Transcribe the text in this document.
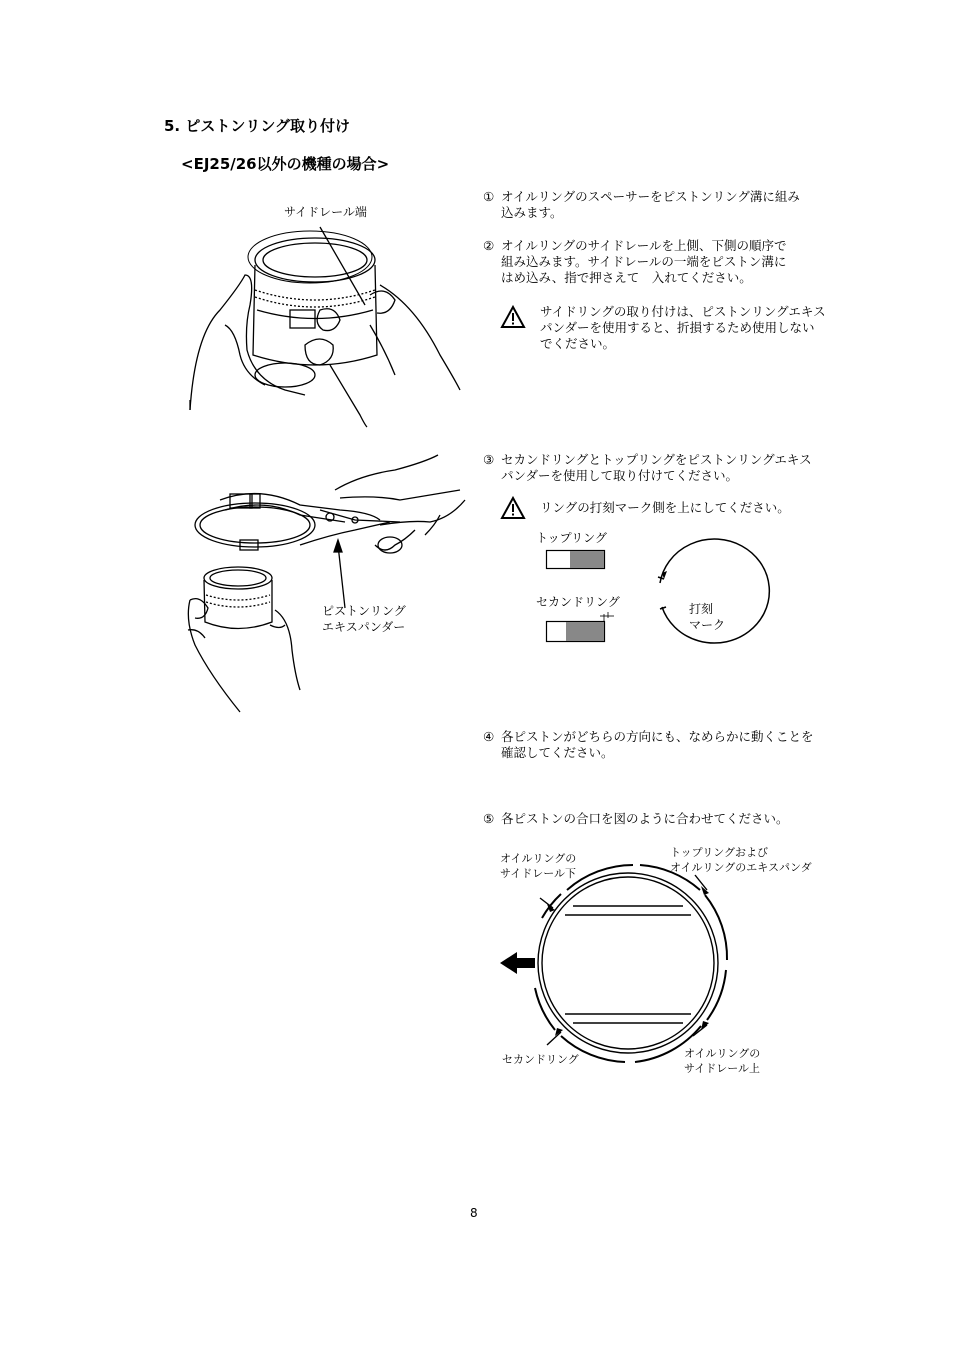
5. ピストンリング取り付け
<EJ25/26以外の機種の場合>
サイドレール端
① オイルリングのスペーサーをピストンリング溝に組み
込みます。
② オイルリングのサイドレールを上側、下側の順序で
組み込みます。サイドレールの一端をピストン溝に
はめ込み、指で押さえて　入れてください。
サイドリングの取り付けは、ピストンリングエキス
パンダーを使用すると、折損するため使用しない
でください。
ピストンリング
エキスパンダー
③ セカンドリングとトップリングをピストンリングエキス
パンダーを使用して取り付けてください。
リングの打刻マーク側を上にしてください。
トップリング
セカンドリング	打刻
マーク
④ 各ピストンがどちらの方向にも、なめらかに動くことを
確認してください。
⑤ 各ピストンの合口を図のように合わせてください。
オイルリングの
サイドレール下
トップリングおよび
オイルリングのエキスパンダ
セカンドリング	オイルリングの
サイドレール上
8
